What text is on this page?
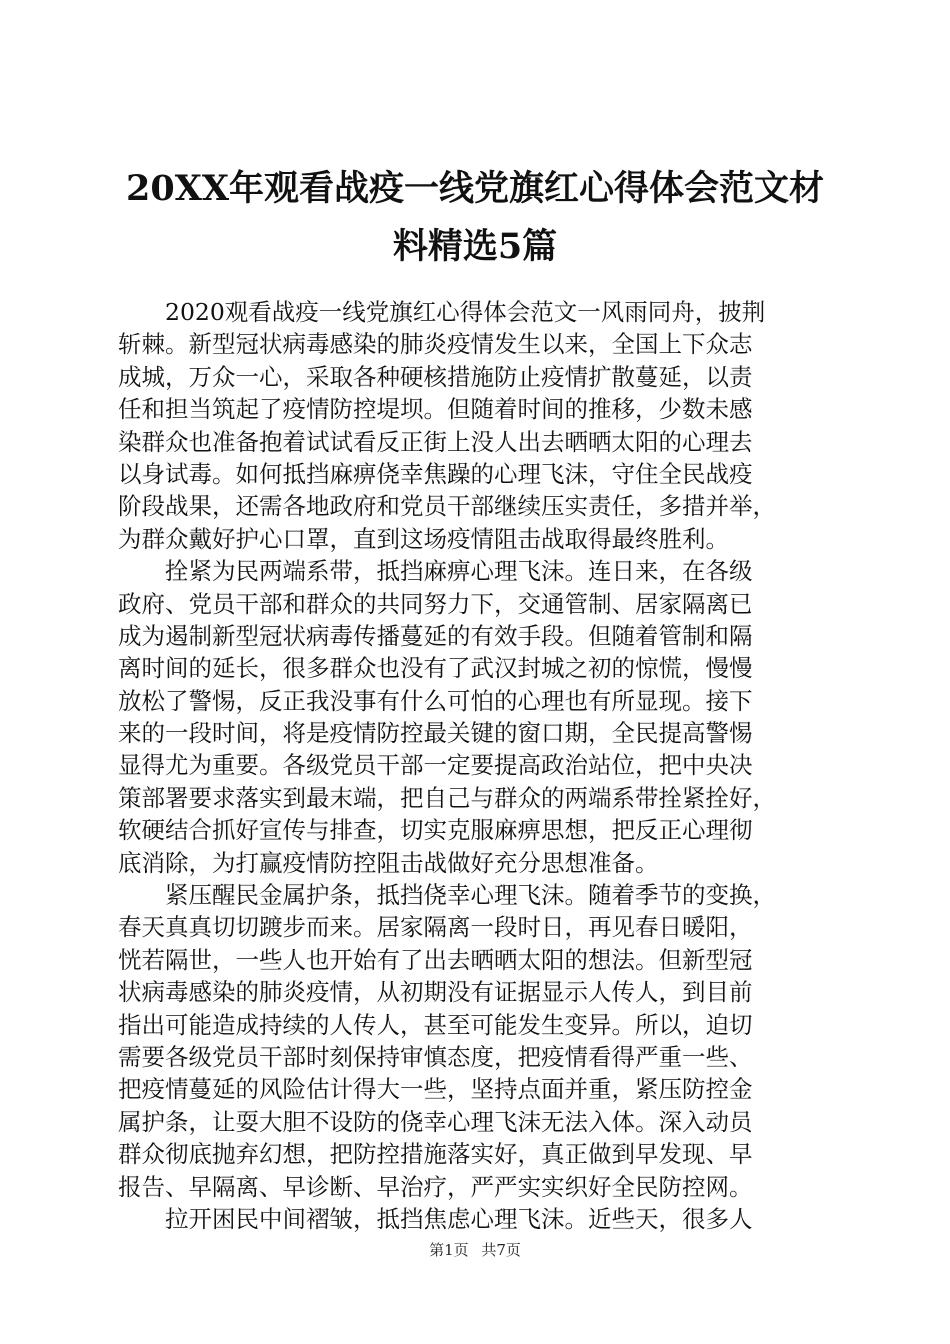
20XX年观看战疫一线党旗红心得体会范文材
料精选5篇

2020观看战疫一线党旗红心得体会范文一风雨同舟，披荆
斩棘。新型冠状病毒感染的肺炎疫情发生以来，全国上下众志
成城，万众一心，采取各种硬核措施防止疫情扩散蔓延，以责
任和担当筑起了疫情防控堤坝。但随着时间的推移，少数未感
染群众也准备抱着试试看反正街上没人出去晒晒太阳的心理去
以身试毒。如何抵挡麻痹侥幸焦躁的心理飞沫，守住全民战疫
阶段战果，还需各地政府和党员干部继续压实责任，多措并举，
为群众戴好护心口罩，直到这场疫情阻击战取得最终胜利。

拴紧为民两端系带，抵挡麻痹心理飞沫。连日来，在各级
政府、党员干部和群众的共同努力下，交通管制、居家隔离已
成为遏制新型冠状病毒传播蔓延的有效手段。但随着管制和隔
离时间的延长，很多群众也没有了武汉封城之初的惊慌，慢慢
放松了警惕，反正我没事有什么可怕的心理也有所显现。接下
来的一段时间，将是疫情防控最关键的窗口期，全民提高警惕
显得尤为重要。各级党员干部一定要提高政治站位，把中央决
策部署要求落实到最末端，把自己与群众的两端系带拴紧拴好，
软硬结合抓好宣传与排查，切实克服麻痹思想，把反正心理彻
底消除，为打赢疫情防控阻击战做好充分思想准备。

紧压醒民金属护条，抵挡侥幸心理飞沫。随着季节的变换，
春天真真切切踱步而来。居家隔离一段时日，再见春日暖阳，
恍若隔世，一些人也开始有了出去晒晒太阳的想法。但新型冠
状病毒感染的肺炎疫情，从初期没有证据显示人传人，到目前
指出可能造成持续的人传人，甚至可能发生变异。所以，迫切
需要各级党员干部时刻保持审慎态度，把疫情看得严重一些、
把疫情蔓延的风险估计得大一些，坚持点面并重，紧压防控金
属护条，让耍大胆不设防的侥幸心理飞沫无法入体。深入动员
群众彻底抛弃幻想，把防控措施落实好，真正做到早发现、早
报告、早隔离、早诊断、早治疗，严严实实织好全民防控网。

拉开困民中间褶皱，抵挡焦虑心理飞沫。近些天，很多人

第1页 共7页
